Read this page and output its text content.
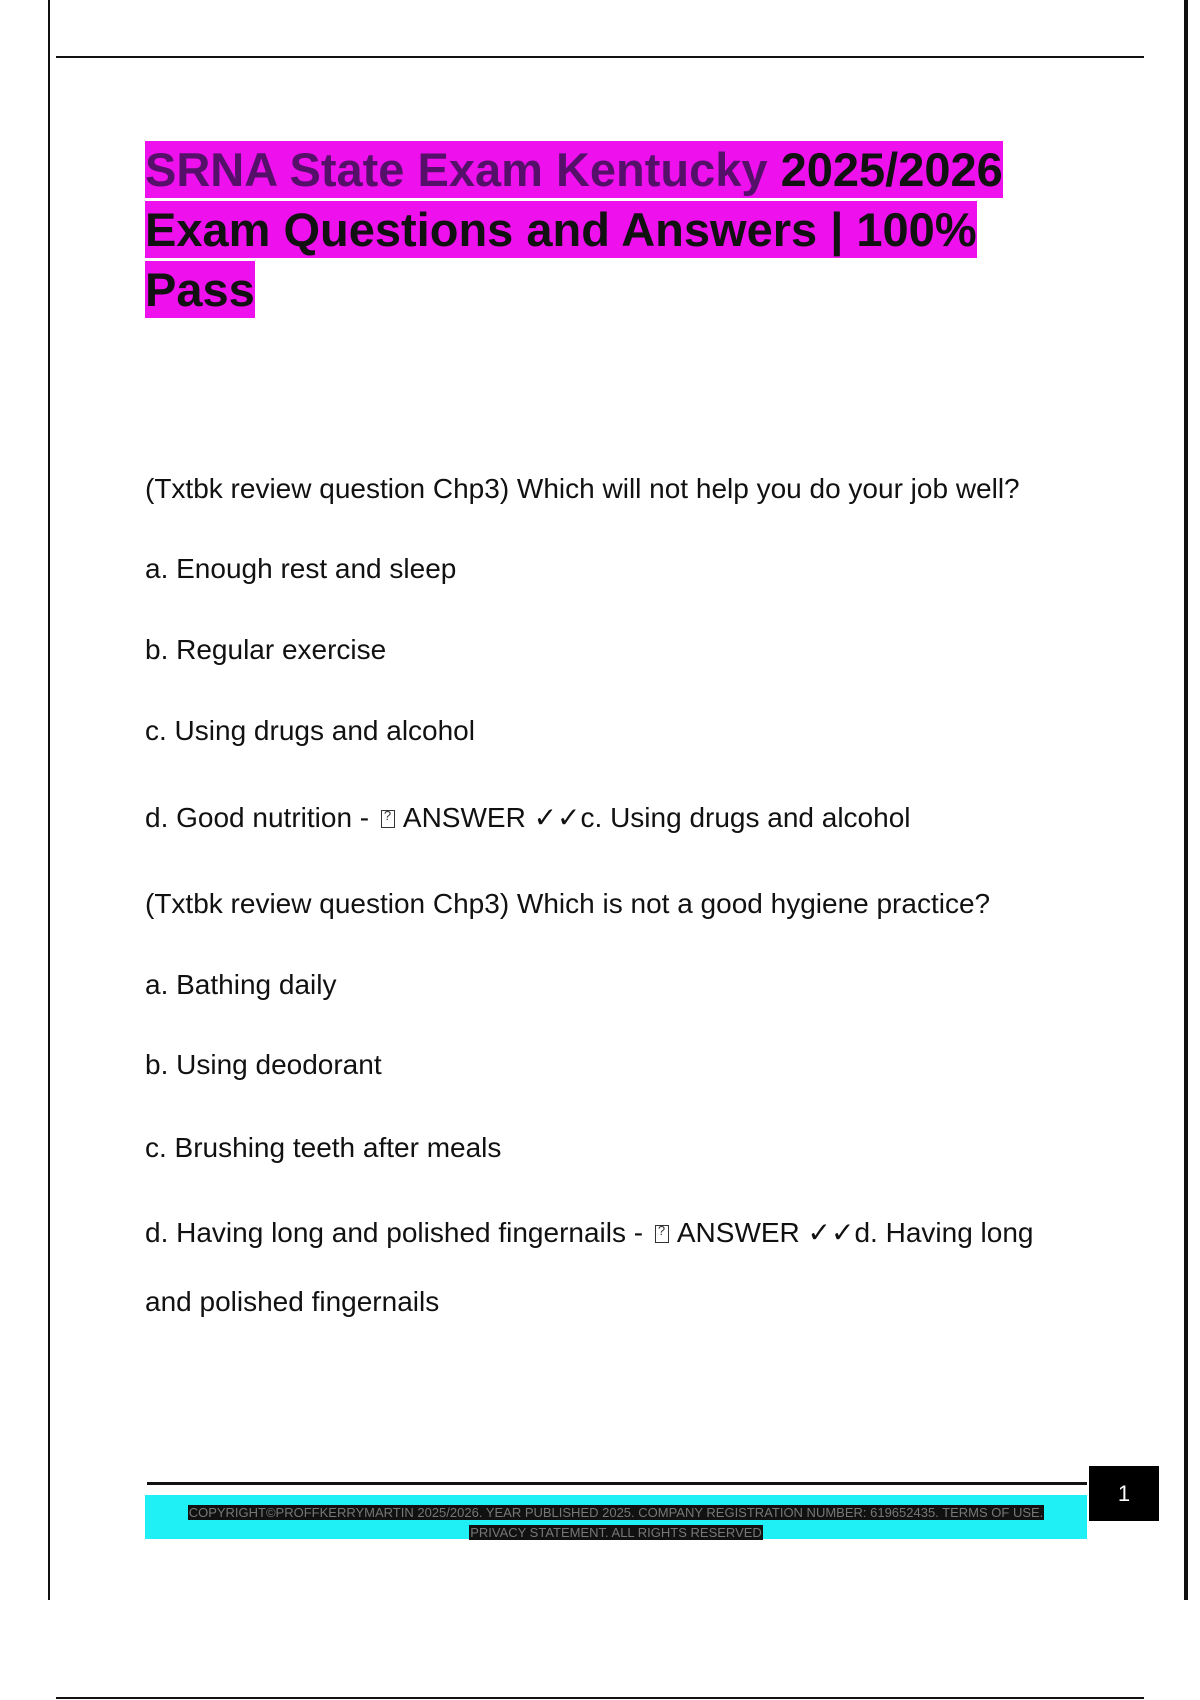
SRNA State Exam Kentucky 2025/2026 Exam Questions and Answers | 100% Pass
(Txtbk review question Chp3) Which will not help you do your job well?
a. Enough rest and sleep
b. Regular exercise
c. Using drugs and alcohol
d. Good nutrition - ? ANSWER ✓✓c. Using drugs and alcohol
(Txtbk review question Chp3) Which is not a good hygiene practice?
a. Bathing daily
b. Using deodorant
c. Brushing teeth after meals
d. Having long and polished fingernails - ? ANSWER ✓✓d. Having long
and polished fingernails
COPYRIGHT©PROFFKERRYMARTIN 2025/2026. YEAR PUBLISHED 2025. COMPANY REGISTRATION NUMBER: 619652435. TERMS OF USE.
PRIVACY STATEMENT. ALL RIGHTS RESERVED
1
